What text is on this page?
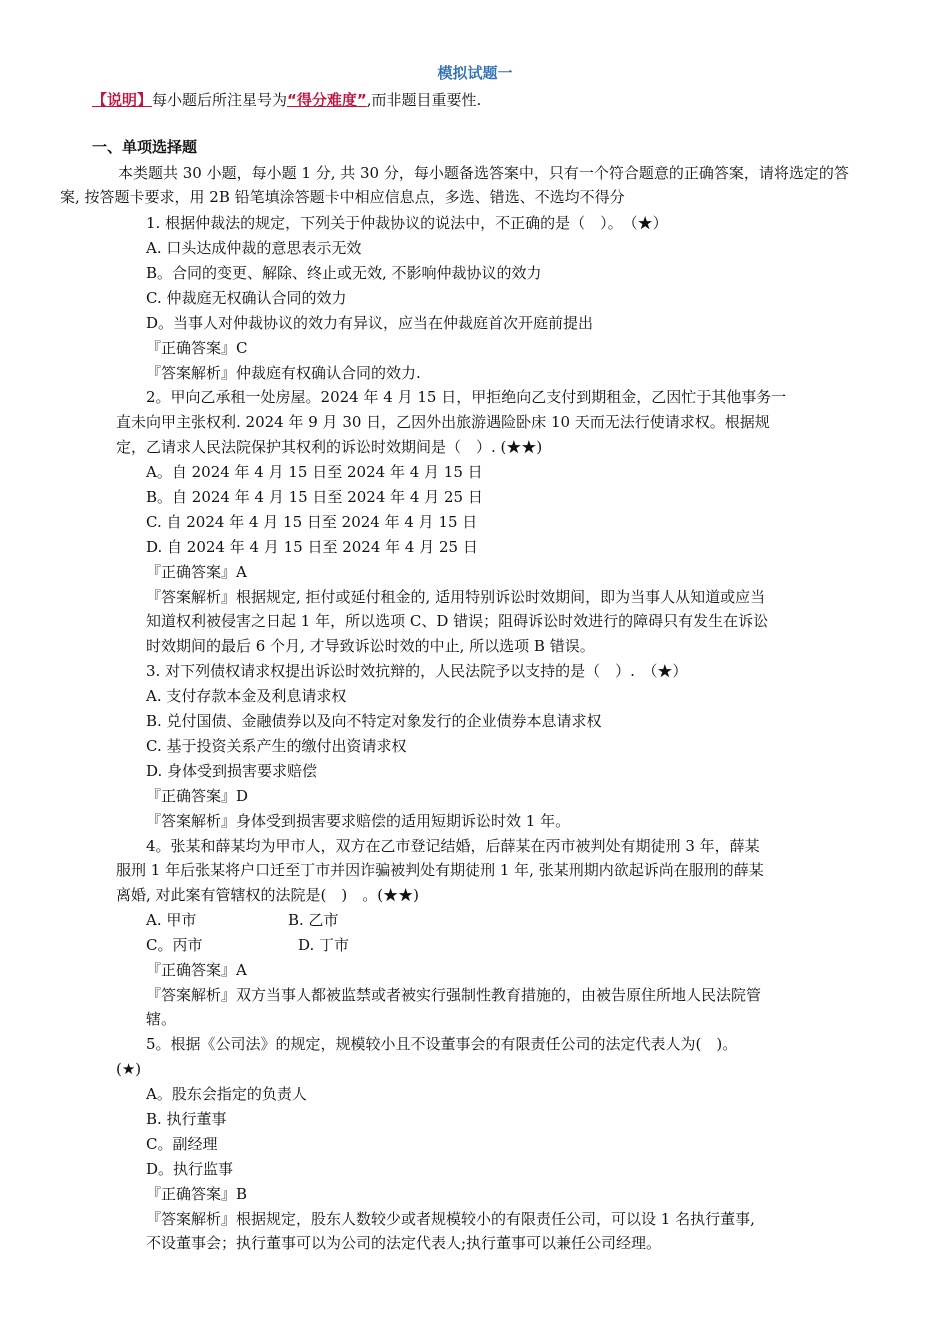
模拟试题一
【说明】每小题后所注星号为“得分难度”,而非题目重要性.
一、单项选择题
本类题共 30 小题，每小题 1 分, 共 30 分，每小题备选答案中，只有一个符合题意的正确答案，请将选定的答
案, 按答题卡要求，用 2B 铅笔填涂答题卡中相应信息点，多选、错选、不选均不得分
1. 根据仲裁法的规定，下列关于仲裁协议的说法中，不正确的是（　）。　（★）
A. 口头达成仲裁的意思表示无效
B。合同的变更、解除、终止或无效, 不影响仲裁协议的效力
C. 仲裁庭无权确认合同的效力
D。当事人对仲裁协议的效力有异议，应当在仲裁庭首次开庭前提出
『正确答案』C
『答案解析』仲裁庭有权确认合同的效力.
2。甲向乙承租一处房屋。2024 年 4 月 15 日，甲拒绝向乙支付到期租金，乙因忙于其他事务一
直未向甲主张权利. 2024 年 9 月 30 日，乙因外出旅游遇险卧床 10 天而无法行使请求权。根据规
定，乙请求人民法院保护其权利的诉讼时效期间是（　）. (★★)
A。自 2024 年 4 月 15 日至 2024 年 4 月 15 日
B。自 2024 年 4 月 15 日至 2024 年 4 月 25 日
C. 自 2024 年 4 月 15 日至 2024 年 4 月 15 日
D. 自 2024 年 4 月 15 日至 2024 年 4 月 25 日
『正确答案』A
『答案解析』根据规定, 拒付或延付租金的, 适用特别诉讼时效期间，即为当事人从知道或应当
知道权利被侵害之日起 1 年，所以选项 C、D 错误；阻碍诉讼时效进行的障碍只有发生在诉讼
时效期间的最后 6 个月, 才导致诉讼时效的中止, 所以选项 B 错误。
3. 对下列债权请求权提出诉讼时效抗辩的，人民法院予以支持的是（　）.　（★）
A. 支付存款本金及利息请求权
B. 兑付国债、金融债券以及向不特定对象发行的企业债券本息请求权
C. 基于投资关系产生的缴付出资请求权
D. 身体受到损害要求赔偿
『正确答案』D
『答案解析』身体受到损害要求赔偿的适用短期诉讼时效 1 年。
4。张某和薛某均为甲市人，双方在乙市登记结婚，后薛某在丙市被判处有期徒刑 3 年，薛某
服刑 1 年后张某将户口迁至丁市并因诈骗被判处有期徒刑 1 年, 张某刑期内欲起诉尚在服刑的薛某
离婚, 对此案有管辖权的法院是(　)　。(★★)
A. 甲市	B. 乙市
C。丙市	D. 丁市
『正确答案』A
『答案解析』双方当事人都被监禁或者被实行强制性教育措施的，由被告原住所地人民法院管
辖。
5。根据《公司法》的规定，规模较小且不设董事会的有限责任公司的法定代表人为(　)。
(★)
A。股东会指定的负责人
B. 执行董事
C。副经理
D。执行监事
『正确答案』B
『答案解析』根据规定，股东人数较少或者规模较小的有限责任公司，可以设 1 名执行董事,
不设董事会；执行董事可以为公司的法定代表人;执行董事可以兼任公司经理。
